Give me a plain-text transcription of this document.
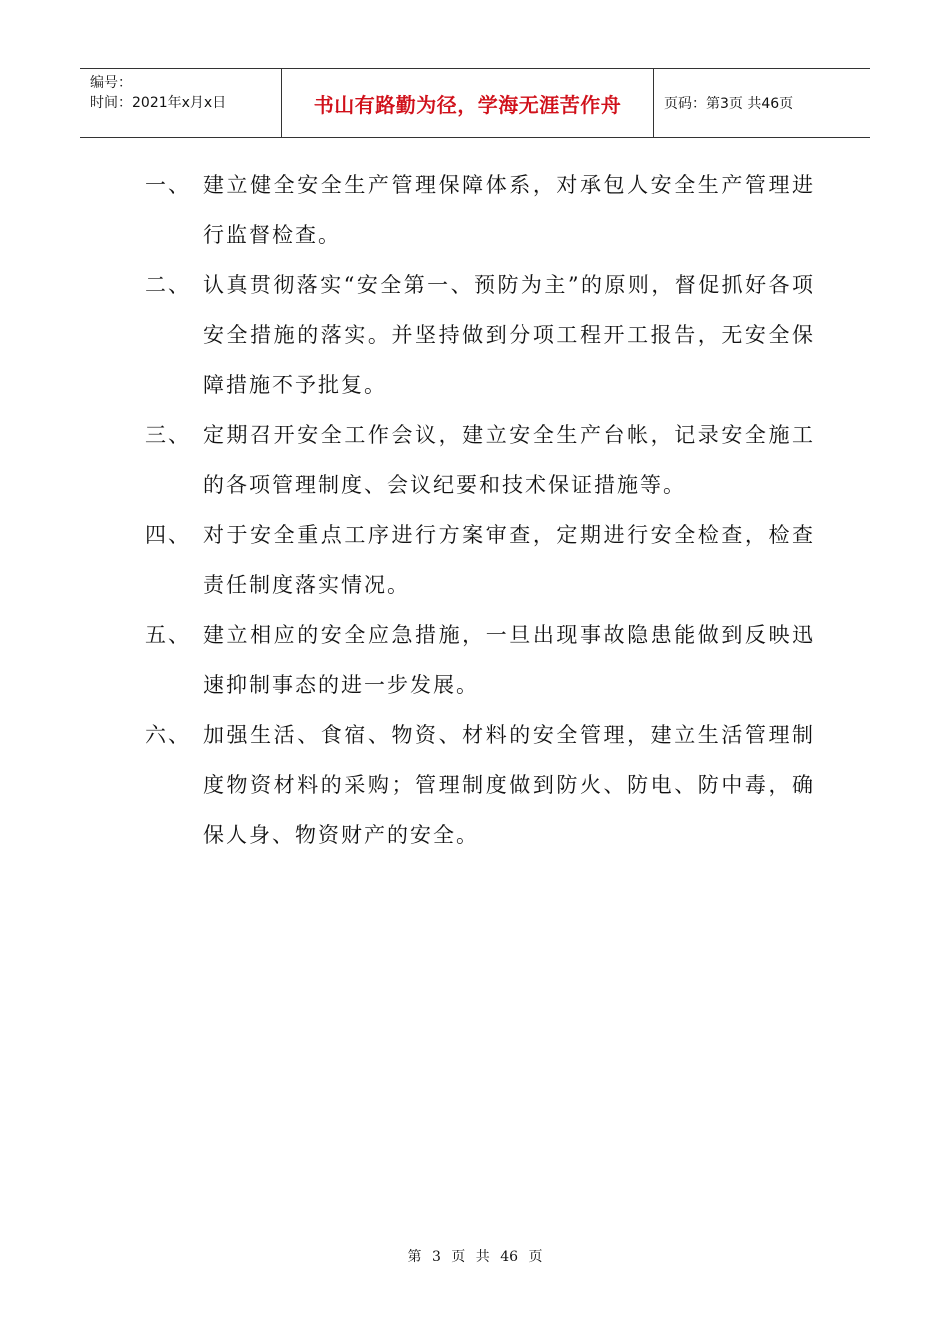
编号：
时间：2021年x月x日	书山有路勤为径，学海无涯苦作舟	页码：第3页 共46页
一、 建立健全安全生产管理保障体系，对承包人安全生产管理进行监督检查。
二、 认真贯彻落实“安全第一、预防为主”的原则，督促抓好各项安全措施的落实。并坚持做到分项工程开工报告，无安全保障措施不予批复。
三、 定期召开安全工作会议，建立安全生产台帐，记录安全施工的各项管理制度、会议纪要和技术保证措施等。
四、 对于安全重点工序进行方案审查，定期进行安全检查，检查责任制度落实情况。
五、 建立相应的安全应急措施，一旦出现事故隐患能做到反映迅速抑制事态的进一步发展。
六、 加强生活、食宿、物资、材料的安全管理，建立生活管理制度物资材料的采购；管理制度做到防火、防电、防中毒，确保人身、物资财产的安全。
第 3 页 共 46 页
